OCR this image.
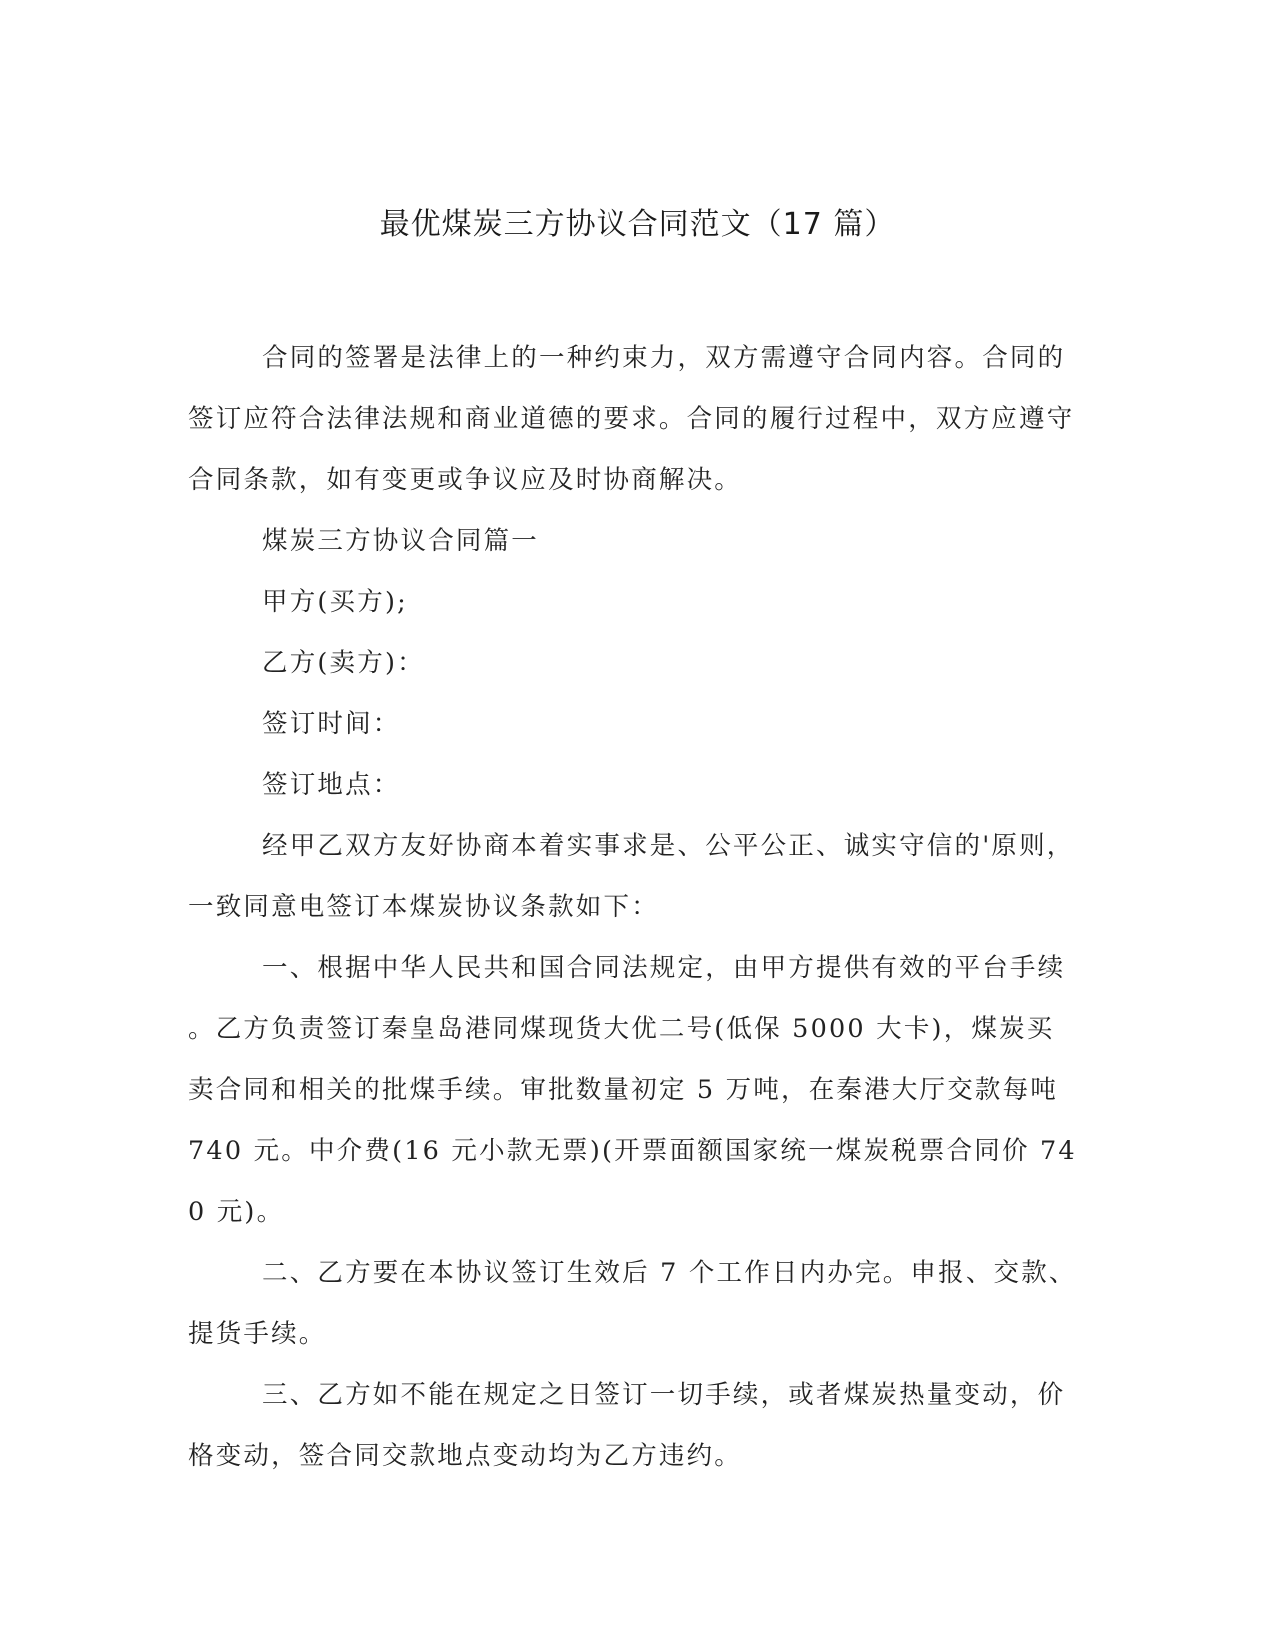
最优煤炭三方协议合同范文（17 篇）

合同的签署是法律上的一种约束力，双方需遵守合同内容。合同的签订应符合法律法规和商业道德的要求。合同的履行过程中，双方应遵守合同条款，如有变更或争议应及时协商解决。

煤炭三方协议合同篇一

甲方(买方);

乙方(卖方)：

签订时间：

签订地点：

经甲乙双方友好协商本着实事求是、公平公正、诚实守信的'原则，一致同意电签订本煤炭协议条款如下：

一、根据中华人民共和国合同法规定，由甲方提供有效的平台手续。乙方负责签订秦皇岛港同煤现货大优二号(低保 5000 大卡)，煤炭买卖合同和相关的批煤手续。审批数量初定 5 万吨，在秦港大厅交款每吨 740 元。中介费(16 元小款无票)(开票面额国家统一煤炭税票合同价 740 元)。

二、乙方要在本协议签订生效后 7 个工作日内办完。申报、交款、提货手续。

三、乙方如不能在规定之日签订一切手续，或者煤炭热量变动，价格变动，签合同交款地点变动均为乙方违约。
